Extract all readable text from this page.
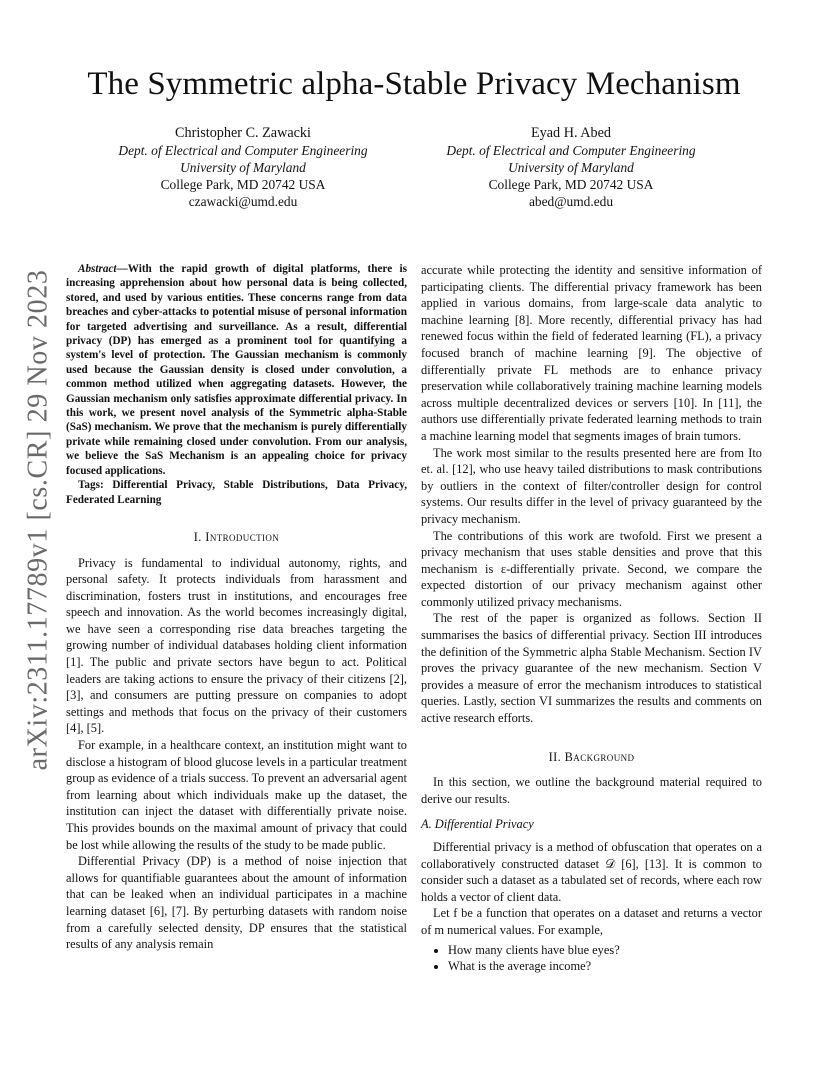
The Symmetric alpha-Stable Privacy Mechanism
Christopher C. Zawacki
Dept. of Electrical and Computer Engineering
University of Maryland
College Park, MD 20742 USA
czawacki@umd.edu
Eyad H. Abed
Dept. of Electrical and Computer Engineering
University of Maryland
College Park, MD 20742 USA
abed@umd.edu
arXiv:2311.17789v1 [cs.CR] 29 Nov 2023

Abstract—With the rapid growth of digital platforms, there is increasing apprehension about how personal data is being collected, stored, and used by various entities. These concerns range from data breaches and cyber-attacks to potential misuse of personal information for targeted advertising and surveillance. As a result, differential privacy (DP) has emerged as a prominent tool for quantifying a system's level of protection. The Gaussian mechanism is commonly used because the Gaussian density is closed under convolution, a common method utilized when aggregating datasets. However, the Gaussian mechanism only satisfies approximate differential privacy. In this work, we present novel analysis of the Symmetric alpha-Stable (SaS) mechanism. We prove that the mechanism is purely differentially private while remaining closed under convolution. From our analysis, we believe the SaS Mechanism is an appealing choice for privacy focused applications.

Tags: Differential Privacy, Stable Distributions, Data Privacy, Federated Learning

I. Introduction

Privacy is fundamental to individual autonomy, rights, and personal safety. It protects individuals from harassment and discrimination, fosters trust in institutions, and encourages free speech and innovation. As the world becomes increasingly digital, we have seen a corresponding rise data breaches targeting the growing number of individual databases holding client information [1]. The public and private sectors have begun to act. Political leaders are taking actions to ensure the privacy of their citizens [2], [3], and consumers are putting pressure on companies to adopt settings and methods that focus on the privacy of their customers [4], [5].

For example, in a healthcare context, an institution might want to disclose a histogram of blood glucose levels in a particular treatment group as evidence of a trials success. To prevent an adversarial agent from learning about which individuals make up the dataset, the institution can inject the dataset with differentially private noise. This provides bounds on the maximal amount of privacy that could be lost while allowing the results of the study to be made public.

Differential Privacy (DP) is a method of noise injection that allows for quantifiable guarantees about the amount of information that can be leaked when an individual participates in a machine learning dataset [6], [7]. By perturbing datasets with random noise from a carefully selected density, DP ensures that the statistical results of any analysis remain

accurate while protecting the identity and sensitive information of participating clients. The differential privacy framework has been applied in various domains, from large-scale data analytic to machine learning [8]. More recently, differential privacy has had renewed focus within the field of federated learning (FL), a privacy focused branch of machine learning [9]. The objective of differentially private FL methods are to enhance privacy preservation while collaboratively training machine learning models across multiple decentralized devices or servers [10]. In [11], the authors use differentially private federated learning methods to train a machine learning model that segments images of brain tumors.

The work most similar to the results presented here are from Ito et. al. [12], who use heavy tailed distributions to mask contributions by outliers in the context of filter/controller design for control systems. Our results differ in the level of privacy guaranteed by the privacy mechanism.

The contributions of this work are twofold. First we present a privacy mechanism that uses stable densities and prove that this mechanism is ε-differentially private. Second, we compare the expected distortion of our privacy mechanism against other commonly utilized privacy mechanisms.

The rest of the paper is organized as follows. Section II summarises the basics of differential privacy. Section III introduces the definition of the Symmetric alpha Stable Mechanism. Section IV proves the privacy guarantee of the new mechanism. Section V provides a measure of error the mechanism introduces to statistical queries. Lastly, section VI summarizes the results and comments on active research efforts.

II. Background

In this section, we outline the background material required to derive our results.

A. Differential Privacy

Differential privacy is a method of obfuscation that operates on a collaboratively constructed dataset 𝒟 [6], [13]. It is common to consider such a dataset as a tabulated set of records, where each row holds a vector of client data.

Let f be a function that operates on a dataset and returns a vector of m numerical values. For example,

• How many clients have blue eyes?
• What is the average income?
